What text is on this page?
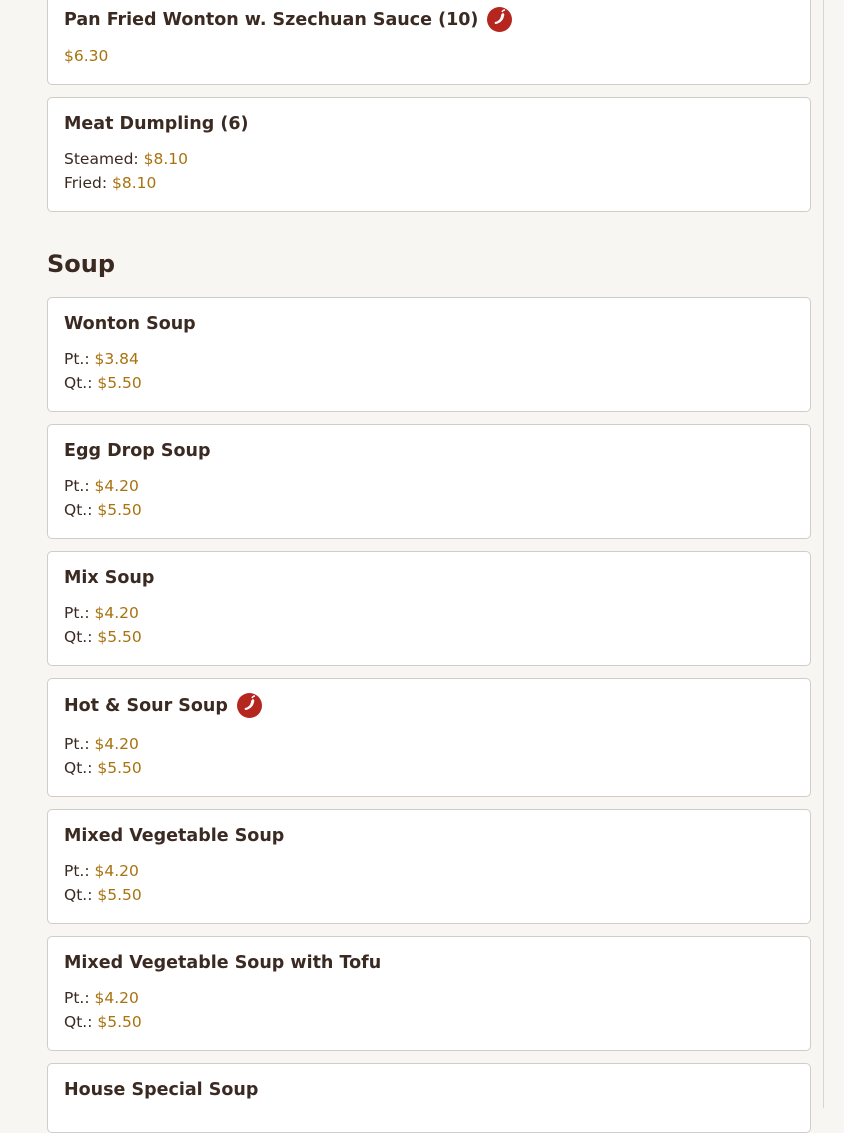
Pan Fried Wonton w. Szechuan Sauce (10)
$6.30
Meat Dumpling (6)
Steamed: $8.10
Fried: $8.10
Soup
Wonton Soup
Pt.: $3.84
Qt.: $5.50
Egg Drop Soup
Pt.: $4.20
Qt.: $5.50
Mix Soup
Pt.: $4.20
Qt.: $5.50
Hot & Sour Soup
Pt.: $4.20
Qt.: $5.50
Mixed Vegetable Soup
Pt.: $4.20
Qt.: $5.50
Mixed Vegetable Soup with Tofu
Pt.: $4.20
Qt.: $5.50
House Special Soup
